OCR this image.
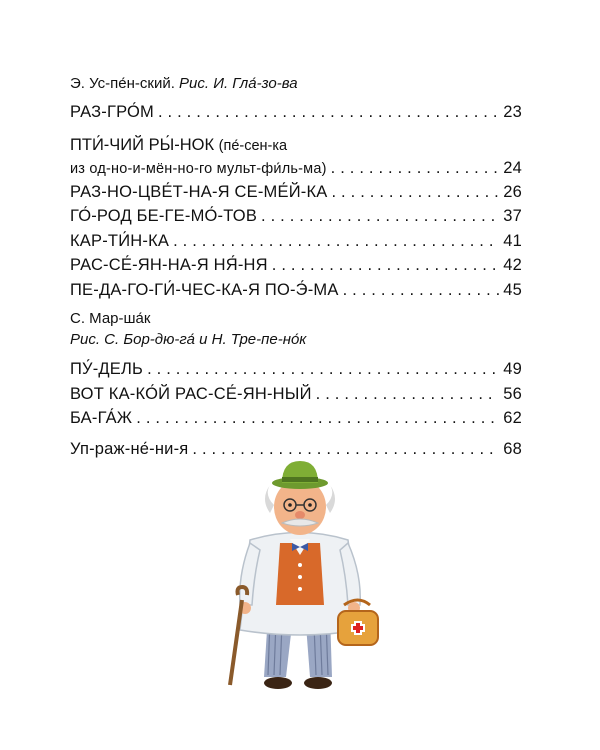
Э. Ус-пе́н-ский. Рис. И. Гла́-зо-ва
РАЗ-ГРО́М . . .	23
ПТИ́-ЧИЙ РЫ́-НОК (пе́-сен-ка
из од-но-и-мён-но-го мульт-фи́ль-ма) . . .	24
РАЗ-НО-ЦВЕ́Т-НА-Я СЕ-МЕ́Й-КА . . .	26
ГО́-РОД БЕ-ГЕ-МО́-ТОВ . . .	37
КАР-ТИ́Н-КА . . .	41
РАС-СЕ́-ЯН-НА-Я НЯ́-НЯ . . .	42
ПЕ-ДА-ГО-ГИ́-ЧЕС-КА-Я ПО-Э́-МА . . .	45
С. Мар-ша́к
Рис. С. Бор-дю-га́ и Н. Тре-пе-но́к
ПУ́-ДЕЛЬ . . .	49
ВОТ КА-КО́Й РАС-СЕ́-ЯН-НЫЙ . . .	56
БА-ГА́Ж . . .	62
Уп-раж-не́-ни-я . . .	68
